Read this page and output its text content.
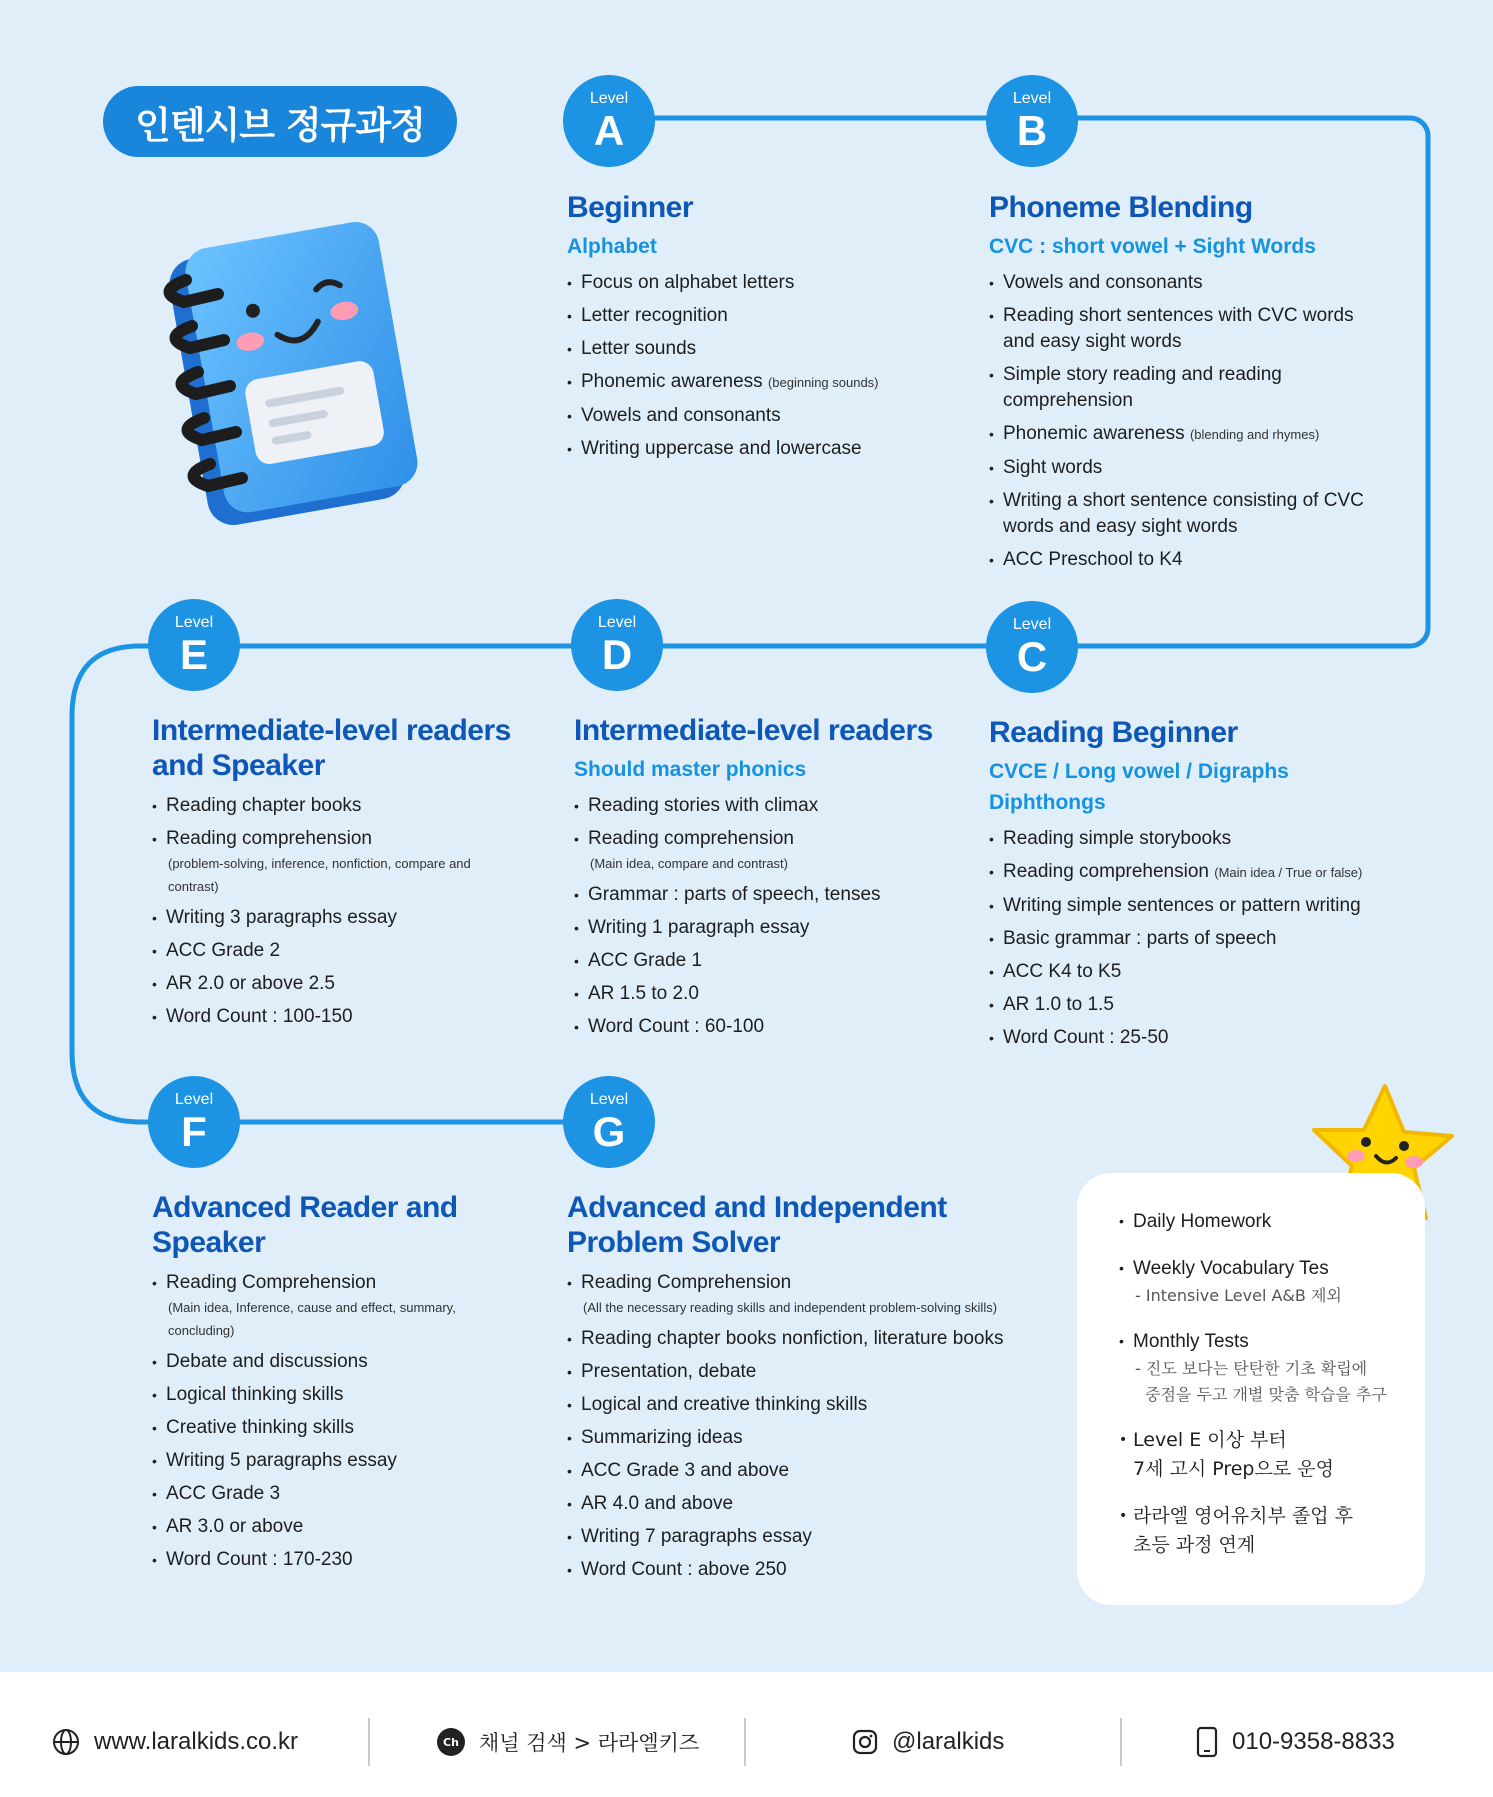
인텐시브 정규과정
Level
A
Level
B
Level
E
Level
D
Level
C
Level
F
Level
G
Beginner
Alphabet
• Focus on alphabet letters
• Letter recognition
• Letter sounds
• Phonemic awareness (beginning sounds)
• Vowels and consonants
• Writing uppercase and lowercase
Phoneme Blending
CVC : short vowel + Sight Words
• Vowels and consonants
• Reading short sentences with CVC words
and easy sight words
• Simple story reading and reading
comprehension
• Phonemic awareness (blending and rhymes)
• Sight words
• Writing a short sentence consisting of CVC
words and easy sight words
• ACC Preschool to K4
Intermediate-level readers
and Speaker
• Reading chapter books
• Reading comprehension
(problem-solving, inference, nonfiction, compare and
contrast)
• Writing 3 paragraphs essay
• ACC Grade 2
• AR 2.0 or above 2.5
• Word Count : 100-150
Intermediate-level readers
Should master phonics
• Reading stories with climax
• Reading comprehension
(Main idea, compare and contrast)
• Grammar : parts of speech, tenses
• Writing 1 paragraph essay
• ACC Grade 1
• AR 1.5 to 2.0
• Word Count : 60-100
Reading Beginner
CVCE / Long vowel / Digraphs
Diphthongs
• Reading simple storybooks
• Reading comprehension (Main idea / True or false)
• Writing simple sentences or pattern writing
• Basic grammar : parts of speech
• ACC K4 to K5
• AR 1.0 to 1.5
• Word Count : 25-50
Advanced Reader and
Speaker
• Reading Comprehension
(Main idea, Inference, cause and effect, summary,
concluding)
• Debate and discussions
• Logical thinking skills
• Creative thinking skills
• Writing 5 paragraphs essay
• ACC Grade 3
• AR 3.0 or above
• Word Count : 170-230
Advanced and Independent
Problem Solver
• Reading Comprehension
(All the necessary reading skills and independent problem-solving skills)
• Reading chapter books nonfiction, literature books
• Presentation, debate
• Logical and creative thinking skills
• Summarizing ideas
• ACC Grade 3 and above
• AR 4.0 and above
• Writing 7 paragraphs essay
• Word Count : above 250
• Daily Homework
• Weekly Vocabulary Tes
- Intensive Level A&B 제외
• Monthly Tests
- 진도 보다는 탄탄한 기초 확립에
중점을 두고 개별 맞춤 학습을 추구
• Level E 이상 부터
7세 고시 Prep으로 운영
• 라라엘 영어유치부 졸업 후
초등 과정 연계
www.laralkids.co.kr	Ch 채널 검색 > 라라엘키즈	@laralkids	010-9358-8833
